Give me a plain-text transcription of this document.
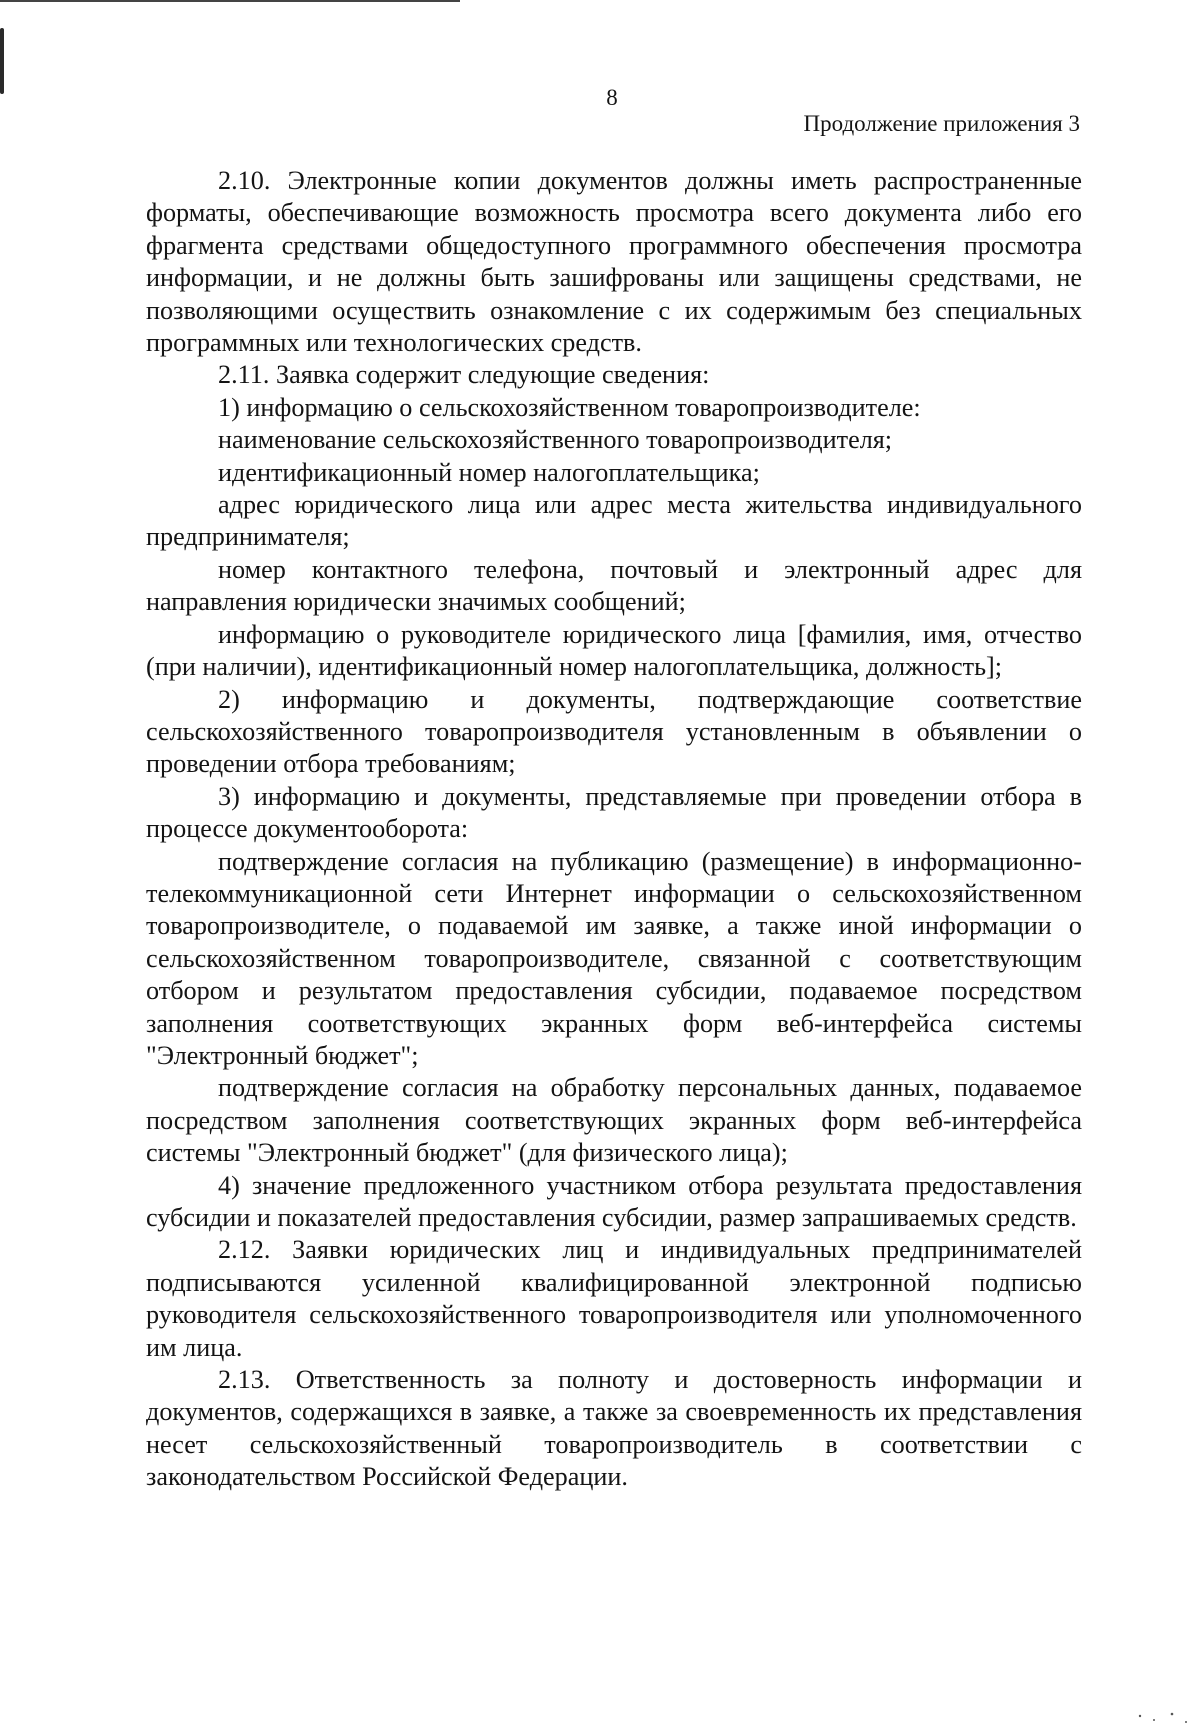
8
Продолжение приложения 3

2.10. Электронные копии документов должны иметь распространенные форматы, обеспечивающие возможность просмотра всего документа либо его фрагмента средствами общедоступного программного обеспечения просмотра информации, и не должны быть зашифрованы или защищены средствами, не позволяющими осуществить ознакомление с их содержимым без специальных программных или технологических средств.

2.11. Заявка содержит следующие сведения:

1) информацию о сельскохозяйственном товаропроизводителе:

наименование сельскохозяйственного товаропроизводителя;

идентификационный номер налогоплательщика;

адрес юридического лица или адрес места жительства индивидуального предпринимателя;

номер контактного телефона, почтовый и электронный адрес для направления юридически значимых сообщений;

информацию о руководителе юридического лица [фамилия, имя, отчество (при наличии), идентификационный номер налогоплательщика, должность];

2) информацию и документы, подтверждающие соответствие сельскохозяйственного товаропроизводителя установленным в объявлении о проведении отбора требованиям;

3) информацию и документы, представляемые при проведении отбора в процессе документооборота:

подтверждение согласия на публикацию (размещение) в информационно-телекоммуникационной сети Интернет информации о сельскохозяйственном товаропроизводителе, о подаваемой им заявке, а также иной информации о сельскохозяйственном товаропроизводителе, связанной с соответствующим отбором и результатом предоставления субсидии, подаваемое посредством заполнения соответствующих экранных форм веб-интерфейса системы "Электронный бюджет";

подтверждение согласия на обработку персональных данных, подаваемое посредством заполнения соответствующих экранных форм веб-интерфейса системы "Электронный бюджет" (для физического лица);

4) значение предложенного участником отбора результата предоставления субсидии и показателей предоставления субсидии, размер запрашиваемых средств.

2.12. Заявки юридических лиц и индивидуальных предпринимателей подписываются усиленной квалифицированной электронной подписью руководителя сельскохозяйственного товаропроизводителя или уполномоченного им лица.

2.13. Ответственность за полноту и достоверность информации и документов, содержащихся в заявке, а также за своевременность их представления несет сельскохозяйственный товаропроизводитель в соответствии с законодательством Российской Федерации.
